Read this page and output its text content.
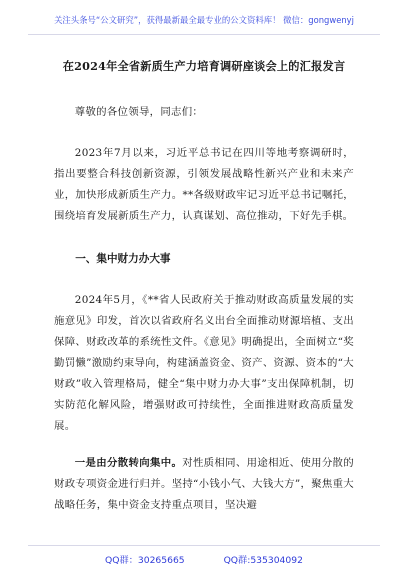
关注头条号“公文研究”，获得最新最全最专业的公文资料库！ 微信：gongwenyj
在2024年全省新质生产力培育调研座谈会上的汇报发言

尊敬的各位领导，同志们：

2023年7月以来，习近平总书记在四川等地考察调研时，指出要整合科技创新资源，引领发展战略性新兴产业和未来产业，加快形成新质生产力。**各级财政牢记习近平总书记嘱托，围绕培育发展新质生产力，认真谋划、高位推动，下好先手棋。

一、集中财力办大事

2024年5月，《**省人民政府关于推动财政高质量发展的实施意见》印发，首次以省政府名义出台全面推动财源培植、支出保障、财政改革的系统性文件。《意见》明确提出，全面树立“奖勤罚懒”激励约束导向，构建涵盖资金、资产、资源、资本的“大财政”收入管理格局，健全“集中财力办大事”支出保障机制，切实防范化解风险，增强财政可持续性，全面推进财政高质量发展。

一是由分散转向集中。对性质相同、用途相近、使用分散的财政专项资金进行归并。坚持“小钱小气、大钱大方”，聚焦重大战略任务，集中资金支持重点项目，坚决避

QQ群：30265665	QQ群:535304092
